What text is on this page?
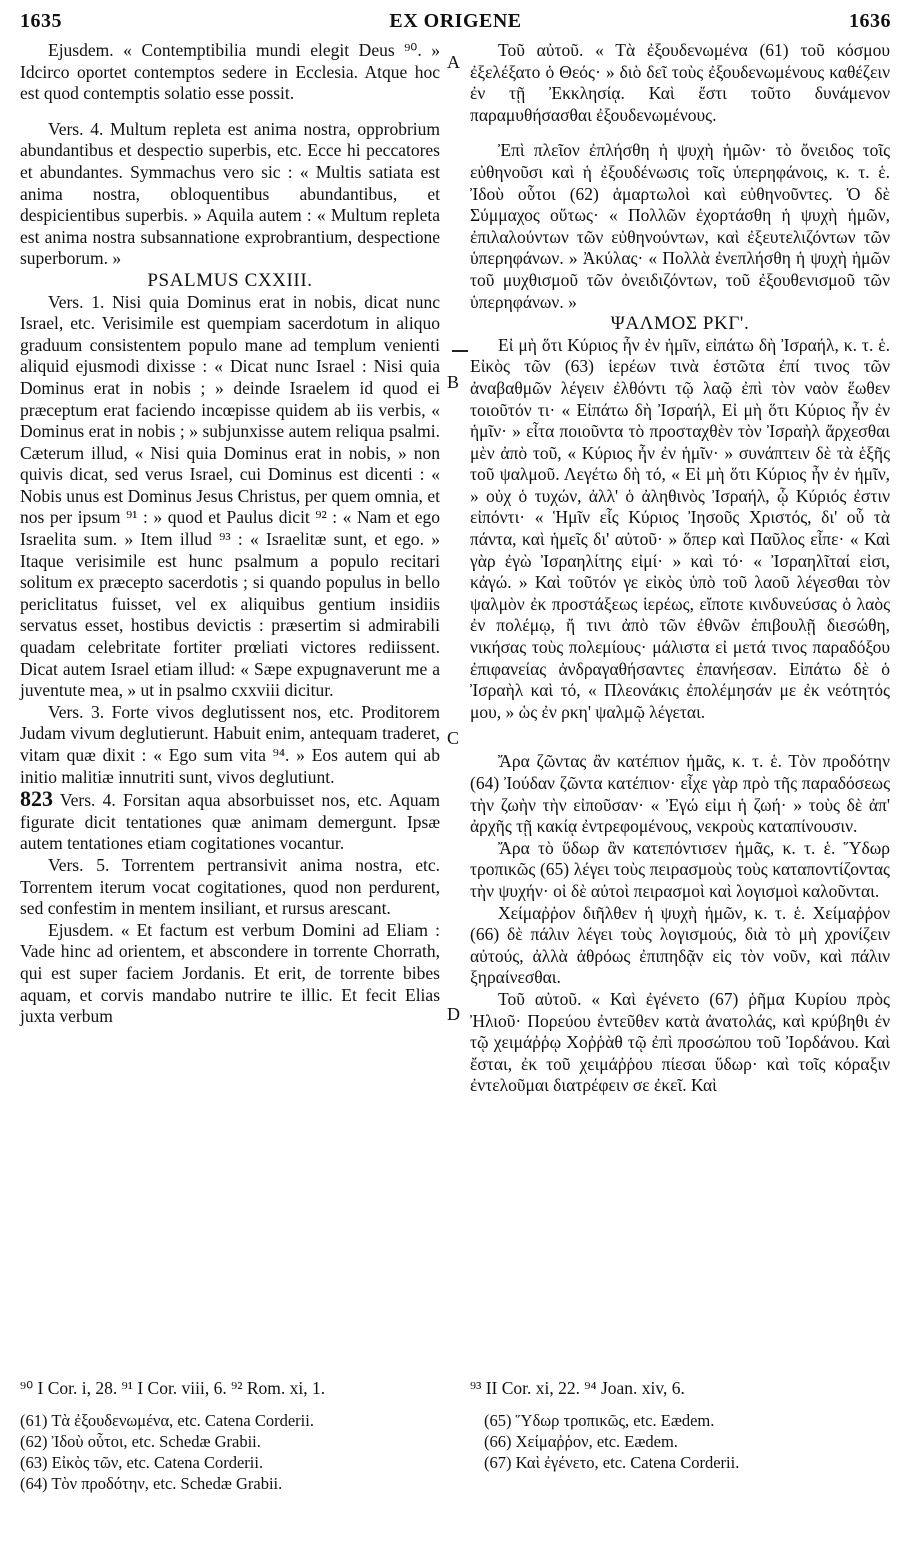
1635	EX ORIGENE	1636

Ejusdem. « Contemptibilia mundi elegit Deus ⁹⁰. » Idcirco oportet contemptos sedere in Ecclesia. Atque hoc est quod contemptis solatio esse possit.

Vers. 4. Multum repleta est anima nostra, opprobrium abundantibus et despectio superbis, etc. Ecce hi peccatores et abundantes. Symmachus vero sic : « Multis satiata est anima nostra, obloquentibus abundantibus, et despicientibus superbis. » Aquila autem : « Multum repleta est anima nostra subsannatione exprobrantium, despectione superborum. »

PSALMUS CXXIII.

Vers. 1. Nisi quia Dominus erat in nobis, dicat nunc Israel, etc. Verisimile est quempiam sacerdotum in aliquo graduum consistentem populo mane ad templum venienti aliquid ejusmodi dixisse : « Dicat nunc Israel : Nisi quia Dominus erat in nobis ; » deinde Israelem id quod ei præceptum erat faciendo incœpisse quidem ab iis verbis, « Dominus erat in nobis ; » subjunxisse autem reliqua psalmi. Cæterum illud, « Nisi quia Dominus erat in nobis, » non quivis dicat, sed verus Israel, cui Dominus est dicenti : « Nobis unus est Dominus Jesus Christus, per quem omnia, et nos per ipsum ⁹¹ : » quod et Paulus dicit ⁹² : « Nam et ego Israelita sum. » Item illud ⁹³ : « Israelitæ sunt, et ego. » Itaque verisimile est hunc psalmum a populo recitari solitum ex præcepto sacerdotis ; si quando populus in bello periclitatus fuisset, vel ex aliquibus gentium insidiis servatus esset, hostibus devictis : præsertim si admirabili quadam celebritate fortiter prœliati victores rediissent. Dicat autem Israel etiam illud: « Sæpe expugnaverunt me a juventute mea, » ut in psalmo cxxviii dicitur.

Vers. 3. Forte vivos deglutissent nos, etc. Proditorem Judam vivum deglutierunt. Habuit enim, antequam traderet, vitam quæ dixit : « Ego sum vita ⁹⁴. » Eos autem qui ab initio malitiæ innutriti sunt, vivos deglutiunt.

823 Vers. 4. Forsitan aqua absorbuisset nos, etc. Aquam figurate dicit tentationes quæ animam demergunt. Ipsæ autem tentationes etiam cogitationes vocantur.

Vers. 5. Torrentem pertransivit anima nostra, etc. Torrentem iterum vocat cogitationes, quod non perdurent, sed confestim in mentem insiliant, et rursus arescant.

Ejusdem. « Et factum est verbum Domini ad Eliam : Vade hinc ad orientem, et abscondere in torrente Chorrath, qui est super faciem Jordanis. Et erit, de torrente bibes aquam, et corvis mandabo nutrire te illic. Et fecit Elias juxta verbum

Τοῦ αὐτοῦ. « Τὰ ἐξουδενωμένα (61) τοῦ κόσμου ἐξελέξατο ὁ Θεός· » διὸ δεῖ τοὺς ἐξουδενωμένους καθέζειν ἐν τῇ Ἐκκλησίᾳ. Καὶ ἔστι τοῦτο δυνάμενον παραμυθήσασθαι ἐξουδενωμένους.

Ἐπὶ πλεῖον ἐπλήσθη ἡ ψυχὴ ἡμῶν· τὸ ὄνειδος τοῖς εὐθηνοῦσι καὶ ἡ ἐξουδένωσις τοῖς ὑπερηφάνοις, κ. τ. ἑ. Ἰδοὺ οὗτοι (62) ἁμαρτωλοὶ καὶ εὐθηνοῦντες. Ὁ δὲ Σύμμαχος οὕτως· « Πολλῶν ἐχορτάσθη ἡ ψυχὴ ἡμῶν, ἐπιλαλούντων τῶν εὐθηνούντων, καὶ ἐξευτελιζόντων τῶν ὑπερηφάνων. » Ἀκύλας· « Πολλὰ ἐνεπλήσθη ἡ ψυχὴ ἡμῶν τοῦ μυχθισμοῦ τῶν ὀνειδιζόντων, τοῦ ἐξουθενισμοῦ τῶν ὑπερηφάνων. »

ΨΑΛΜΟΣ ΡΚΓ'.

Εἰ μὴ ὅτι Κύριος ἦν ἐν ἡμῖν, εἰπάτω δὴ Ἰσραήλ, κ. τ. ἑ. Εἰκὸς τῶν (63) ἱερέων τινὰ ἑστῶτα ἐπί τινος τῶν ἀναβαθμῶν λέγειν ἐλθόντι τῷ λαῷ ἐπὶ τὸν ναὸν ἕωθεν τοιοῦτόν τι· « Εἰπάτω δὴ Ἰσραήλ, Εἰ μὴ ὅτι Κύριος ἦν ἐν ἡμῖν· » εἶτα ποιοῦντα τὸ προσταχθὲν τὸν Ἰσραὴλ ἄρχεσθαι μὲν ἀπὸ τοῦ, « Κύριος ἦν ἐν ἡμῖν· » συνάπτειν δὲ τὰ ἑξῆς τοῦ ψαλμοῦ. Λεγέτω δὴ τό, « Εἰ μὴ ὅτι Κύριος ἦν ἐν ἡμῖν, » οὐχ ὁ τυχών, ἀλλ' ὁ ἀληθινὸς Ἰσραήλ, ᾧ Κύριός ἐστιν εἰπόντι· « Ἡμῖν εἷς Κύριος Ἰησοῦς Χριστός, δι' οὗ τὰ πάντα, καὶ ἡμεῖς δι' αὐτοῦ· » ὅπερ καὶ Παῦλος εἶπε· « Καὶ γὰρ ἐγὼ Ἰσραηλίτης εἰμί· » καὶ τό· « Ἰσραηλῖταί εἰσι, κἀγώ. » Καὶ τοῦτόν γε εἰκὸς ὑπὸ τοῦ λαοῦ λέγεσθαι τὸν ψαλμὸν ἐκ προστάξεως ἱερέως, εἴποτε κινδυνεύσας ὁ λαὸς ἐν πολέμῳ, ἤ τινι ἀπὸ τῶν ἐθνῶν ἐπιβουλῇ διεσώθη, νικήσας τοὺς πολεμίους· μάλιστα εἰ μετά τινος παραδόξου ἐπιφανείας ἀνδραγαθήσαντες ἐπανήεσαν. Εἰπάτω δὲ ὁ Ἰσραὴλ καὶ τό, « Πλεονάκις ἐπολέμησάν με ἐκ νεότητός μου, » ὡς ἐν ρκη' ψαλμῷ λέγεται.

Ἄρα ζῶντας ἂν κατέπιον ἡμᾶς, κ. τ. ἑ. Τὸν προδότην (64) Ἰούδαν ζῶντα κατέπιον· εἶχε γὰρ πρὸ τῆς παραδόσεως τὴν ζωὴν τὴν εἰποῦσαν· « Ἐγώ εἰμι ἡ ζωή· » τοὺς δὲ ἀπ' ἀρχῆς τῇ κακίᾳ ἐντρεφομένους, νεκροὺς καταπίνουσιν.

Ἄρα τὸ ὕδωρ ἂν κατεπόντισεν ἡμᾶς, κ. τ. ἑ. Ὕδωρ τροπικῶς (65) λέγει τοὺς πειρασμοὺς τοὺς καταποντίζοντας τὴν ψυχήν· οἱ δὲ αὐτοὶ πειρασμοὶ καὶ λογισμοὶ καλοῦνται.

Χείμαῤῥον διῆλθεν ἡ ψυχὴ ἡμῶν, κ. τ. ἑ. Χείμαῤῥον (66) δὲ πάλιν λέγει τοὺς λογισμούς, διὰ τὸ μὴ χρονίζειν αὐτούς, ἀλλὰ ἀθρόως ἐπιπηδᾷν εἰς τὸν νοῦν, καὶ πάλιν ξηραίνεσθαι.

Τοῦ αὐτοῦ. « Καὶ ἐγένετο (67) ῥῆμα Κυρίου πρὸς Ἠλιοῦ· Πορεύου ἐντεῦθεν κατὰ ἀνατολάς, καὶ κρύβηθι ἐν τῷ χειμάῤῥῳ Χοῤῥὰθ τῷ ἐπὶ προσώπου τοῦ Ἰορδάνου. Καὶ ἔσται, ἐκ τοῦ χειμάῤῥου πίεσαι ὕδωρ· καὶ τοῖς κόραξιν ἐντελοῦμαι διατρέφειν σε ἐκεῖ. Καὶ

A
B
C
D
⁹⁰ I Cor. i, 28. ⁹¹ I Cor. viii, 6. ⁹² Rom. xi, 1.	⁹³ II Cor. xi, 22. ⁹⁴ Joan. xiv, 6.
(61) Τὰ ἐξουδενωμένα, etc. Catena Corderii.
(62) Ἰδοὺ οὗτοι, etc. Schedæ Grabii.
(63) Εἰκὸς τῶν, etc. Catena Corderii.
(64) Τὸν προδότην, etc. Schedæ Grabii.
(65) Ὕδωρ τροπικῶς, etc. Eædem.
(66) Χείμαῤῥον, etc. Eædem.
(67) Καὶ ἐγένετο, etc. Catena Corderii.
